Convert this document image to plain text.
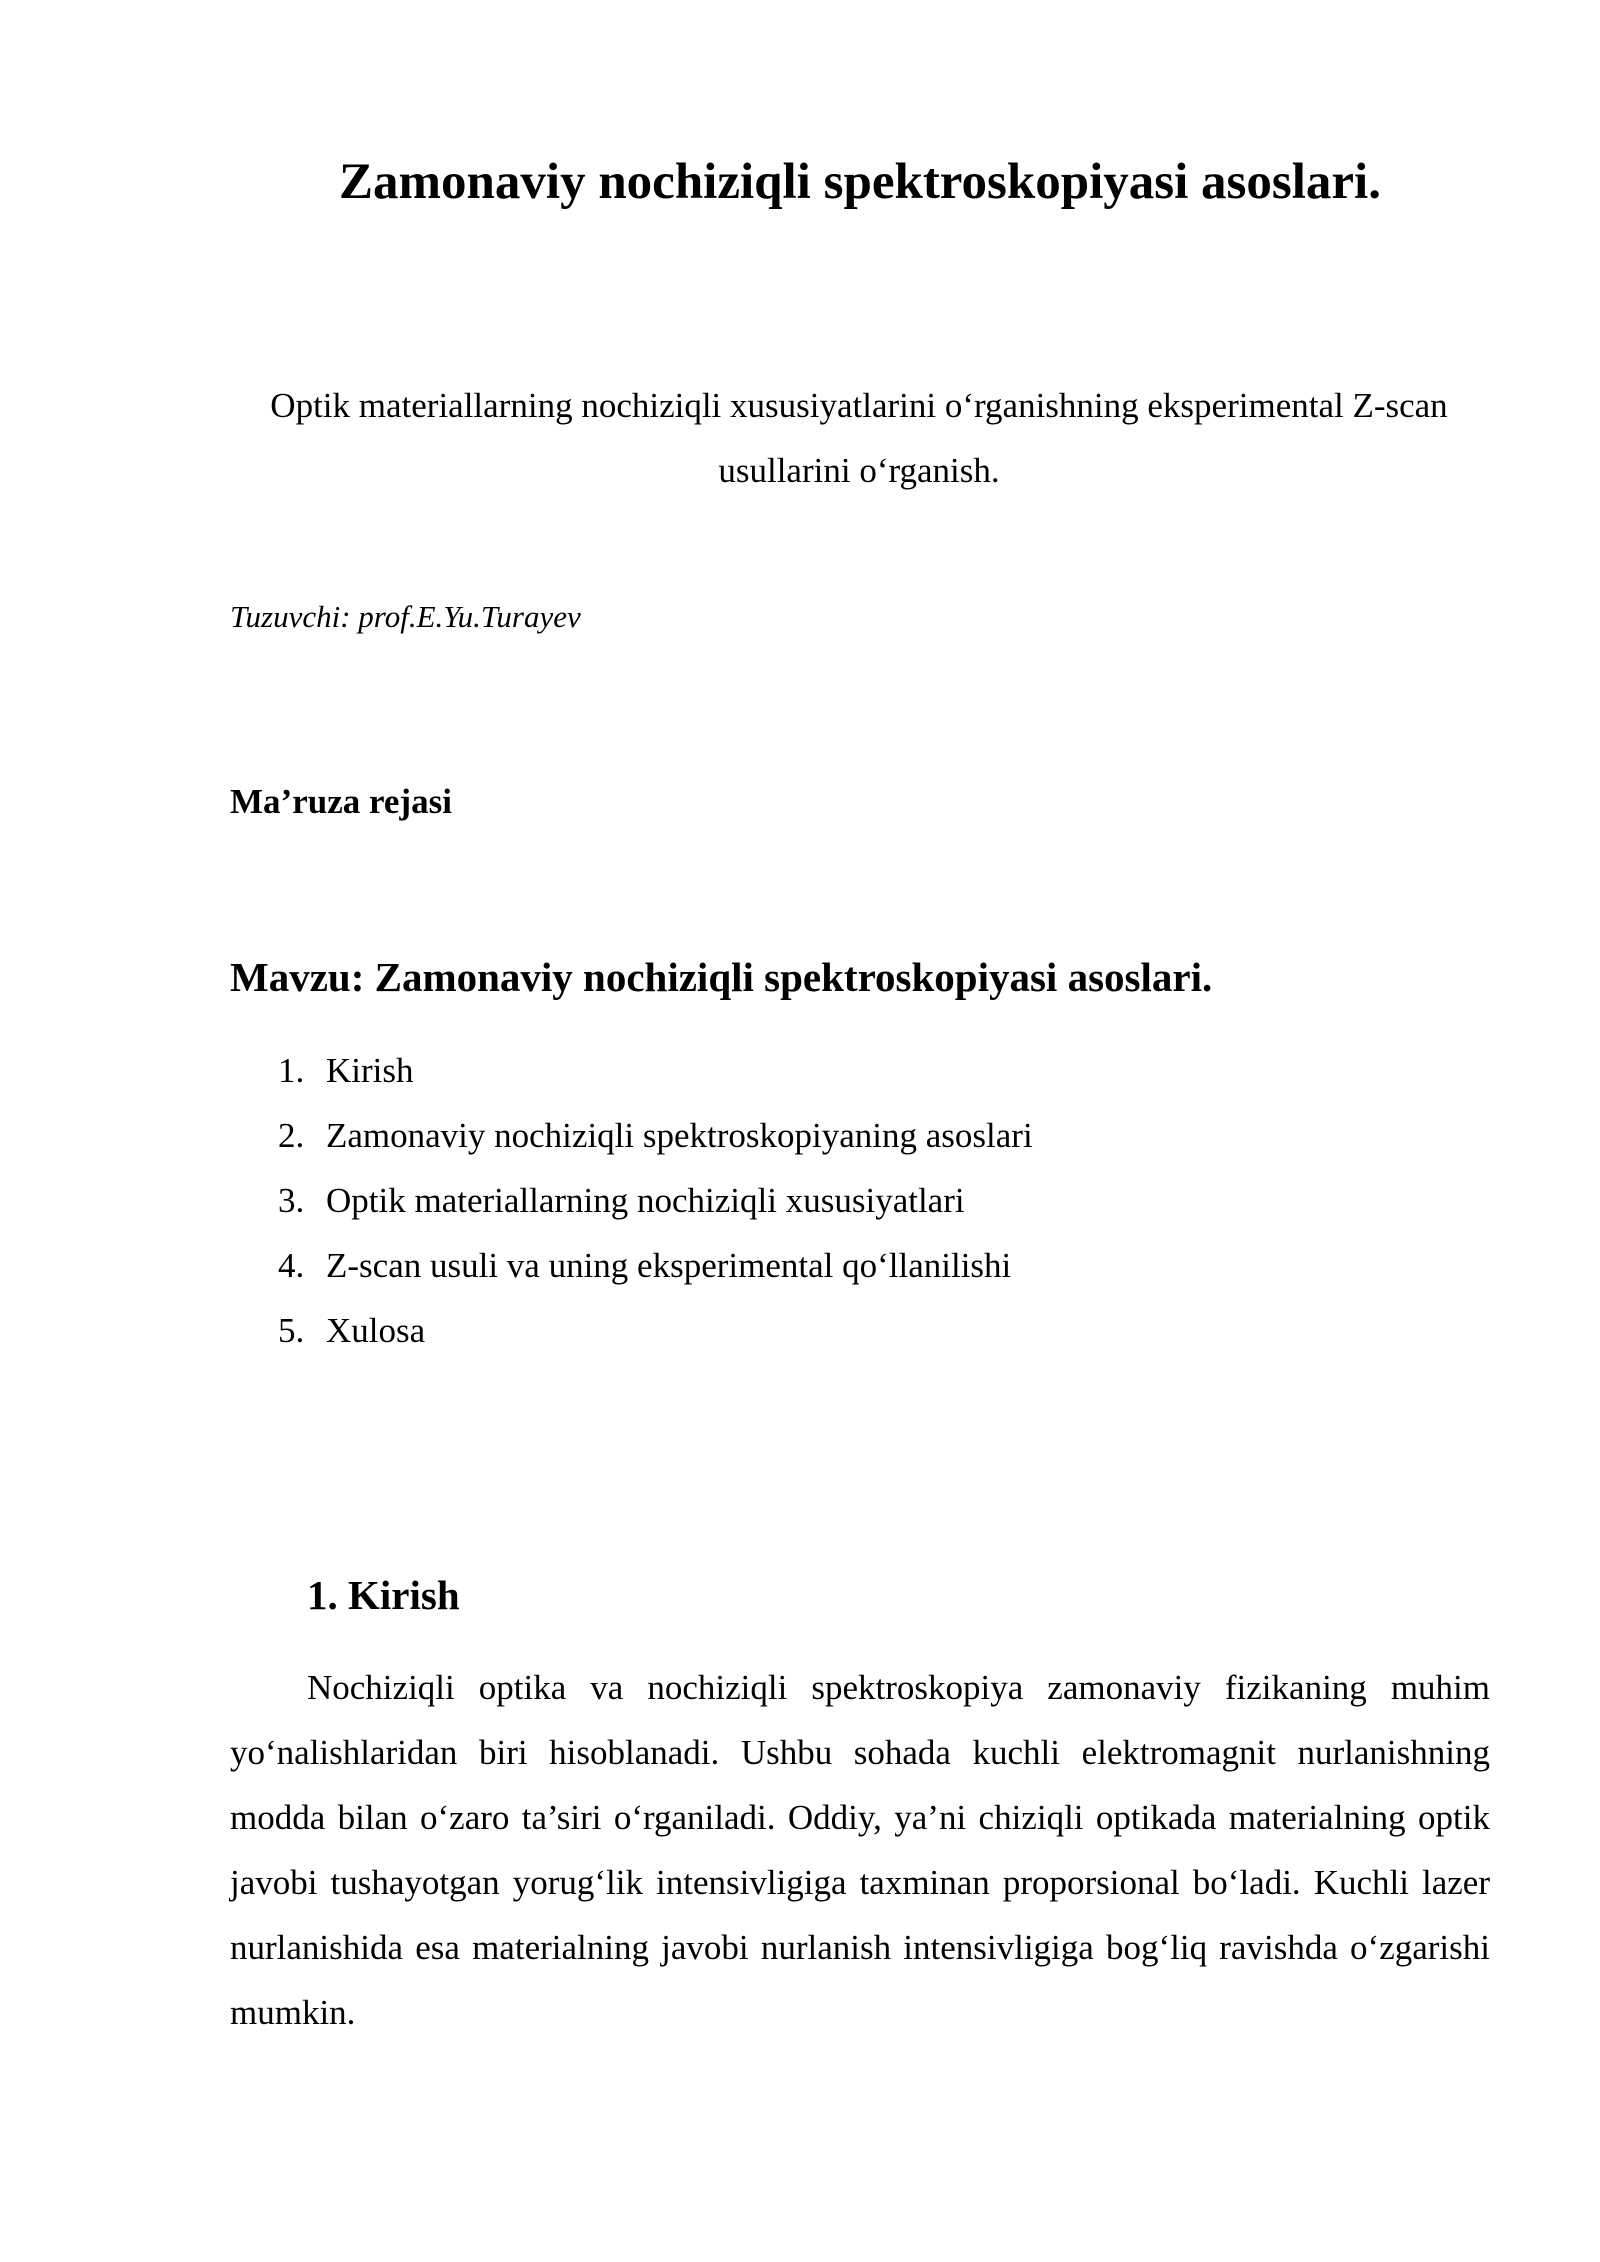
Zamonaviy nochiziqli spektroskopiyasi asoslari.

Optik materiallarning nochiziqli xususiyatlarini o‘rganishning eksperimental Z-scan usullarini o‘rganish.

Tuzuvchi: prof.E.Yu.Turayev

Ma’ruza rejasi

Mavzu: Zamonaviy nochiziqli spektroskopiyasi asoslari.

1. Kirish
2. Zamonaviy nochiziqli spektroskopiyaning asoslari
3. Optik materiallarning nochiziqli xususiyatlari
4. Z-scan usuli va uning eksperimental qo‘llanilishi
5. Xulosa
1. Kirish

Nochiziqli optika va nochiziqli spektroskopiya zamonaviy fizikaning muhim yo‘nalishlaridan biri hisoblanadi. Ushbu sohada kuchli elektromagnit nurlanishning modda bilan o‘zaro ta’siri o‘rganiladi. Oddiy, ya’ni chiziqli optikada materialning optik javobi tushayotgan yorug‘lik intensivligiga taxminan proporsional bo‘ladi. Kuchli lazer nurlanishida esa materialning javobi nurlanish intensivligiga bog‘liq ravishda o‘zgarishi mumkin.
